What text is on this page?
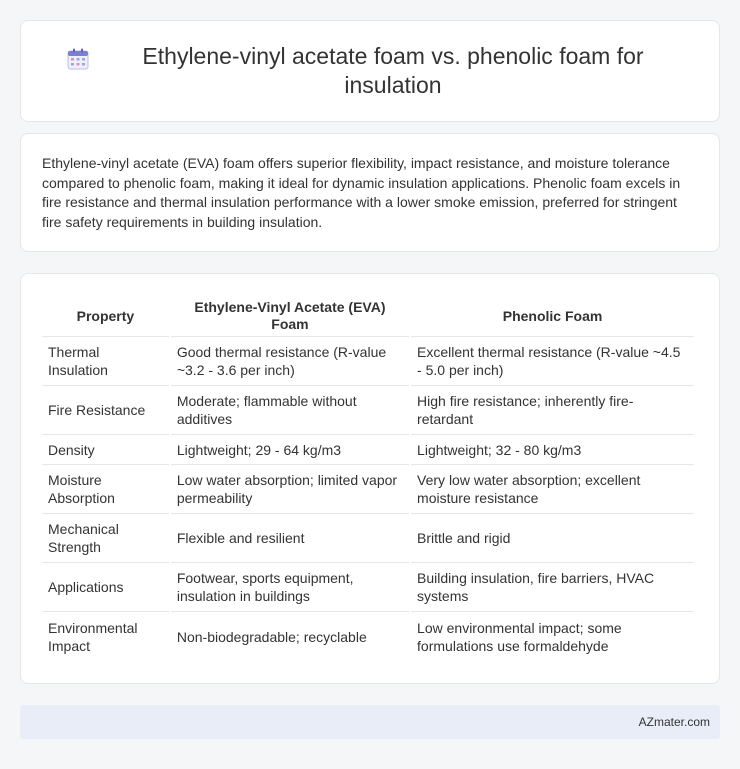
Ethylene-vinyl acetate foam vs. phenolic foam for insulation

Ethylene-vinyl acetate (EVA) foam offers superior flexibility, impact resistance, and moisture tolerance compared to phenolic foam, making it ideal for dynamic insulation applications. Phenolic foam excels in fire resistance and thermal insulation performance with a lower smoke emission, preferred for stringent fire safety requirements in building insulation.

Property	Ethylene-Vinyl Acetate (EVA) Foam	Phenolic Foam
Thermal Insulation	Good thermal resistance (R-value ~3.2 - 3.6 per inch)	Excellent thermal resistance (R-value ~4.5 - 5.0 per inch)
Fire Resistance	Moderate; flammable without additives	High fire resistance; inherently fire-retardant
Density	Lightweight; 29 - 64 kg/m3	Lightweight; 32 - 80 kg/m3
Moisture Absorption	Low water absorption; limited vapor permeability	Very low water absorption; excellent moisture resistance
Mechanical Strength	Flexible and resilient	Brittle and rigid
Applications	Footwear, sports equipment, insulation in buildings	Building insulation, fire barriers, HVAC systems
Environmental Impact	Non-biodegradable; recyclable	Low environmental impact; some formulations use formaldehyde
AZmater.com
